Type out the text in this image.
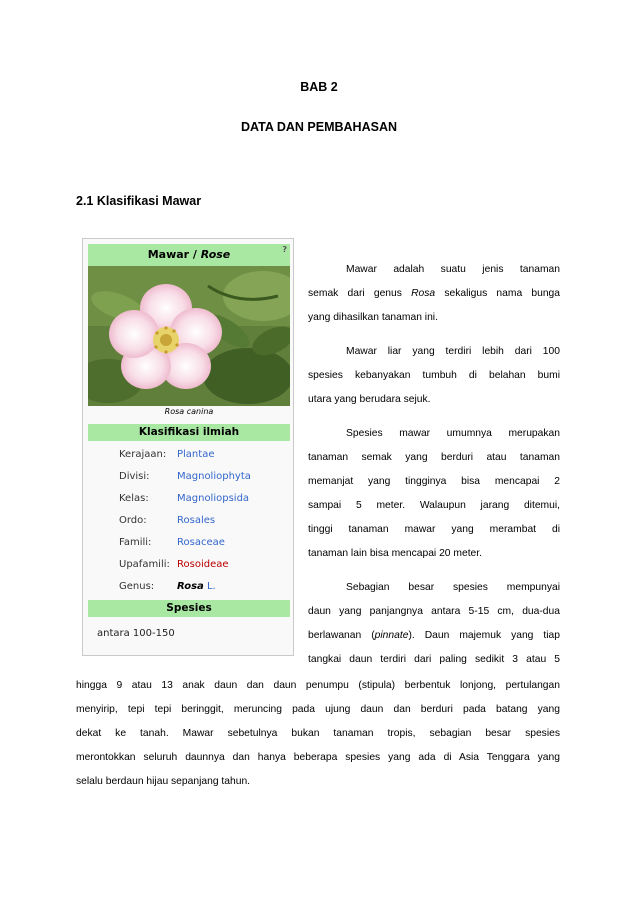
BAB 2
DATA DAN PEMBAHASAN
2.1 Klasifikasi Mawar
Mawar / Rose	?
Rosa canina
Klasifikasi ilmiah
Kerajaan: Plantae
Divisi:	Magnoliophyta
Kelas:	Magnoliopsida
Ordo:	Rosales
Famili:	Rosaceae
Upafamili: Rosoideae
Genus: Rosa L.
Spesies
antara 100-150
Mawar adalah suatu jenis tanaman
semak dari genus Rosa sekaligus nama bunga
yang dihasilkan tanaman ini.
Mawar liar yang terdiri lebih dari 100
spesies kebanyakan tumbuh di belahan bumi
utara yang berudara sejuk.
Spesies mawar umumnya merupakan
tanaman semak yang berduri atau tanaman
memanjat yang tingginya bisa mencapai 2
sampai 5 meter. Walaupun jarang ditemui,
tinggi tanaman mawar yang merambat di
tanaman lain bisa mencapai 20 meter.
Sebagian besar spesies mempunyai
daun yang panjangnya antara 5-15 cm, dua-dua
berlawanan (pinnate). Daun majemuk yang tiap
tangkai daun terdiri dari paling sedikit 3 atau 5
hingga 9 atau 13 anak daun dan daun penumpu (stipula) berbentuk lonjong, pertulangan
menyirip, tepi tepi beringgit, meruncing pada ujung daun dan berduri pada batang yang
dekat ke tanah. Mawar sebetulnya bukan tanaman tropis, sebagian besar spesies
merontokkan seluruh daunnya dan hanya beberapa spesies yang ada di Asia Tenggara yang
selalu berdaun hijau sepanjang tahun.
